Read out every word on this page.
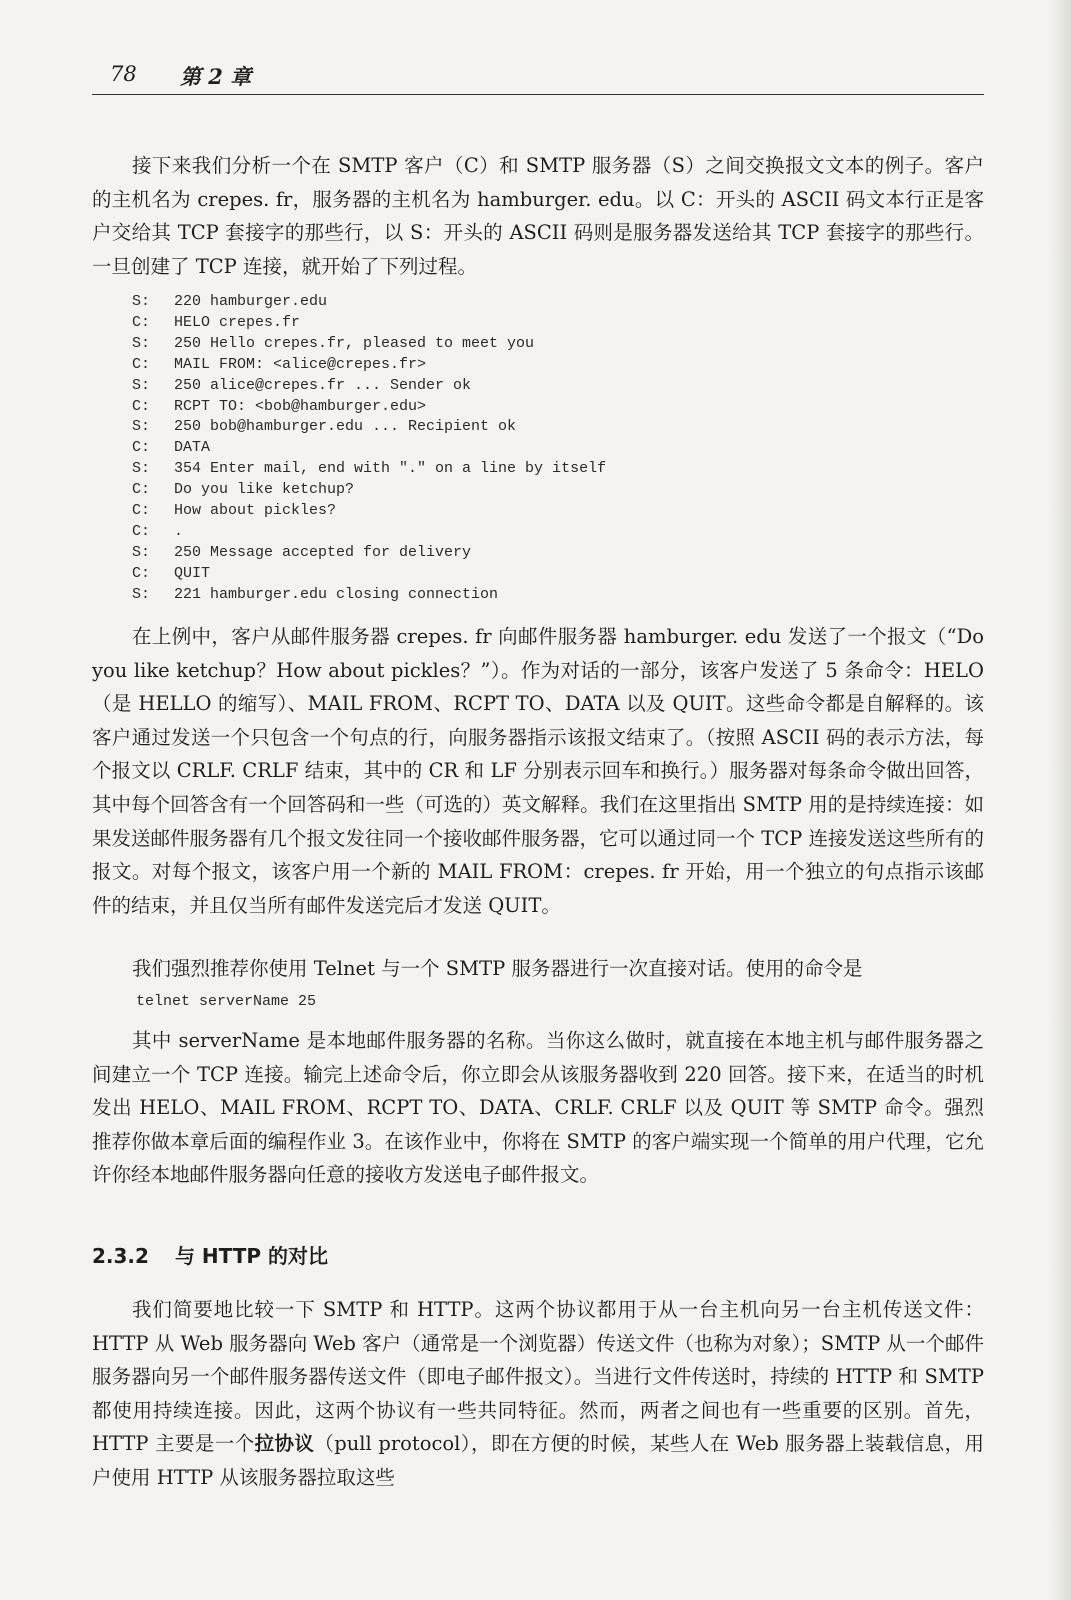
78 第 2 章

接下来我们分析一个在 SMTP 客户（C）和 SMTP 服务器（S）之间交换报文文本的例子。客户的主机名为 crepes. fr，服务器的主机名为 hamburger. edu。以 C：开头的 ASCII 码文本行正是客户交给其 TCP 套接字的那些行，以 S：开头的 ASCII 码则是服务器发送给其 TCP 套接字的那些行。一旦创建了 TCP 连接，就开始了下列过程。

S:	220 hamburger.edu
C:	HELO crepes.fr
S:	250 Hello crepes.fr, pleased to meet you
C:	MAIL FROM: <alice@crepes.fr>
S:	250 alice@crepes.fr ... Sender ok
C:	RCPT TO: <bob@hamburger.edu>
S:	250 bob@hamburger.edu ... Recipient ok
C:	DATA
S:	354 Enter mail, end with "." on a line by itself
C:	Do you like ketchup?
C:	How about pickles?
C:	.
S:	250 Message accepted for delivery
C:	QUIT
S:	221 hamburger.edu closing connection

在上例中，客户从邮件服务器 crepes. fr 向邮件服务器 hamburger. edu 发送了一个报文（“Do you like ketchup？How about pickles？”）。作为对话的一部分，该客户发送了 5 条命令：HELO（是 HELLO 的缩写）、MAIL FROM、RCPT TO、DATA 以及 QUIT。这些命令都是自解释的。该客户通过发送一个只包含一个句点的行，向服务器指示该报文结束了。（按照 ASCII 码的表示方法，每个报文以 CRLF. CRLF 结束，其中的 CR 和 LF 分别表示回车和换行。）服务器对每条命令做出回答，其中每个回答含有一个回答码和一些（可选的）英文解释。我们在这里指出 SMTP 用的是持续连接：如果发送邮件服务器有几个报文发往同一个接收邮件服务器，它可以通过同一个 TCP 连接发送这些所有的报文。对每个报文，该客户用一个新的 MAIL FROM：crepes. fr 开始，用一个独立的句点指示该邮件的结束，并且仅当所有邮件发送完后才发送 QUIT。

我们强烈推荐你使用 Telnet 与一个 SMTP 服务器进行一次直接对话。使用的命令是

telnet serverName 25

其中 serverName 是本地邮件服务器的名称。当你这么做时，就直接在本地主机与邮件服务器之间建立一个 TCP 连接。输完上述命令后，你立即会从该服务器收到 220 回答。接下来，在适当的时机发出 HELO、MAIL FROM、RCPT TO、DATA、CRLF. CRLF 以及 QUIT 等 SMTP 命令。强烈推荐你做本章后面的编程作业 3。在该作业中，你将在 SMTP 的客户端实现一个简单的用户代理，它允许你经本地邮件服务器向任意的接收方发送电子邮件报文。

2.3.2 与 HTTP 的对比

我们简要地比较一下 SMTP 和 HTTP。这两个协议都用于从一台主机向另一台主机传送文件：HTTP 从 Web 服务器向 Web 客户（通常是一个浏览器）传送文件（也称为对象）；SMTP 从一个邮件服务器向另一个邮件服务器传送文件（即电子邮件报文）。当进行文件传送时，持续的 HTTP 和 SMTP 都使用持续连接。因此，这两个协议有一些共同特征。然而，两者之间也有一些重要的区别。首先，HTTP 主要是一个拉协议（pull protocol），即在方便的时候，某些人在 Web 服务器上装载信息，用户使用 HTTP 从该服务器拉取这些
